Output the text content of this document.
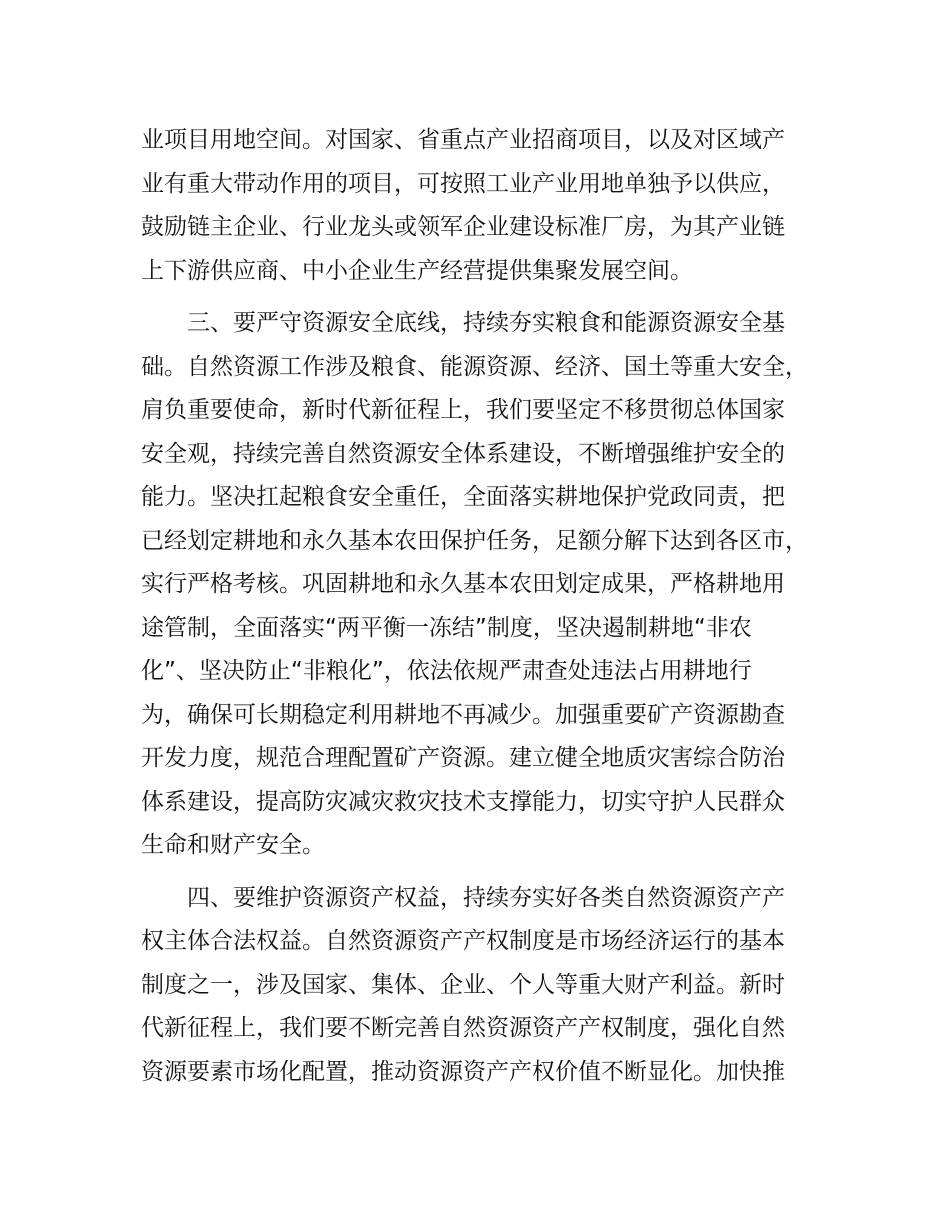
业项目用地空间。对国家、省重点产业招商项目，以及对区域产
业有重大带动作用的项目，可按照工业产业用地单独予以供应，
鼓励链主企业、行业龙头或领军企业建设标准厂房，为其产业链
上下游供应商、中小企业生产经营提供集聚发展空间。
三、要严守资源安全底线，持续夯实粮食和能源资源安全基
础。自然资源工作涉及粮食、能源资源、经济、国土等重大安全，
肩负重要使命，新时代新征程上，我们要坚定不移贯彻总体国家
安全观，持续完善自然资源安全体系建设，不断增强维护安全的
能力。坚决扛起粮食安全重任，全面落实耕地保护党政同责，把
已经划定耕地和永久基本农田保护任务，足额分解下达到各区市，
实行严格考核。巩固耕地和永久基本农田划定成果，严格耕地用
途管制，全面落实“两平衡一冻结”制度，坚决遏制耕地“非农
化”、坚决防止“非粮化”，依法依规严肃查处违法占用耕地行
为，确保可长期稳定利用耕地不再减少。加强重要矿产资源勘查
开发力度，规范合理配置矿产资源。建立健全地质灾害综合防治
体系建设，提高防灾减灾救灾技术支撑能力，切实守护人民群众
生命和财产安全。
四、要维护资源资产权益，持续夯实好各类自然资源资产产
权主体合法权益。自然资源资产产权制度是市场经济运行的基本
制度之一，涉及国家、集体、企业、个人等重大财产利益。新时
代新征程上，我们要不断完善自然资源资产产权制度，强化自然
资源要素市场化配置，推动资源资产产权价值不断显化。加快推
